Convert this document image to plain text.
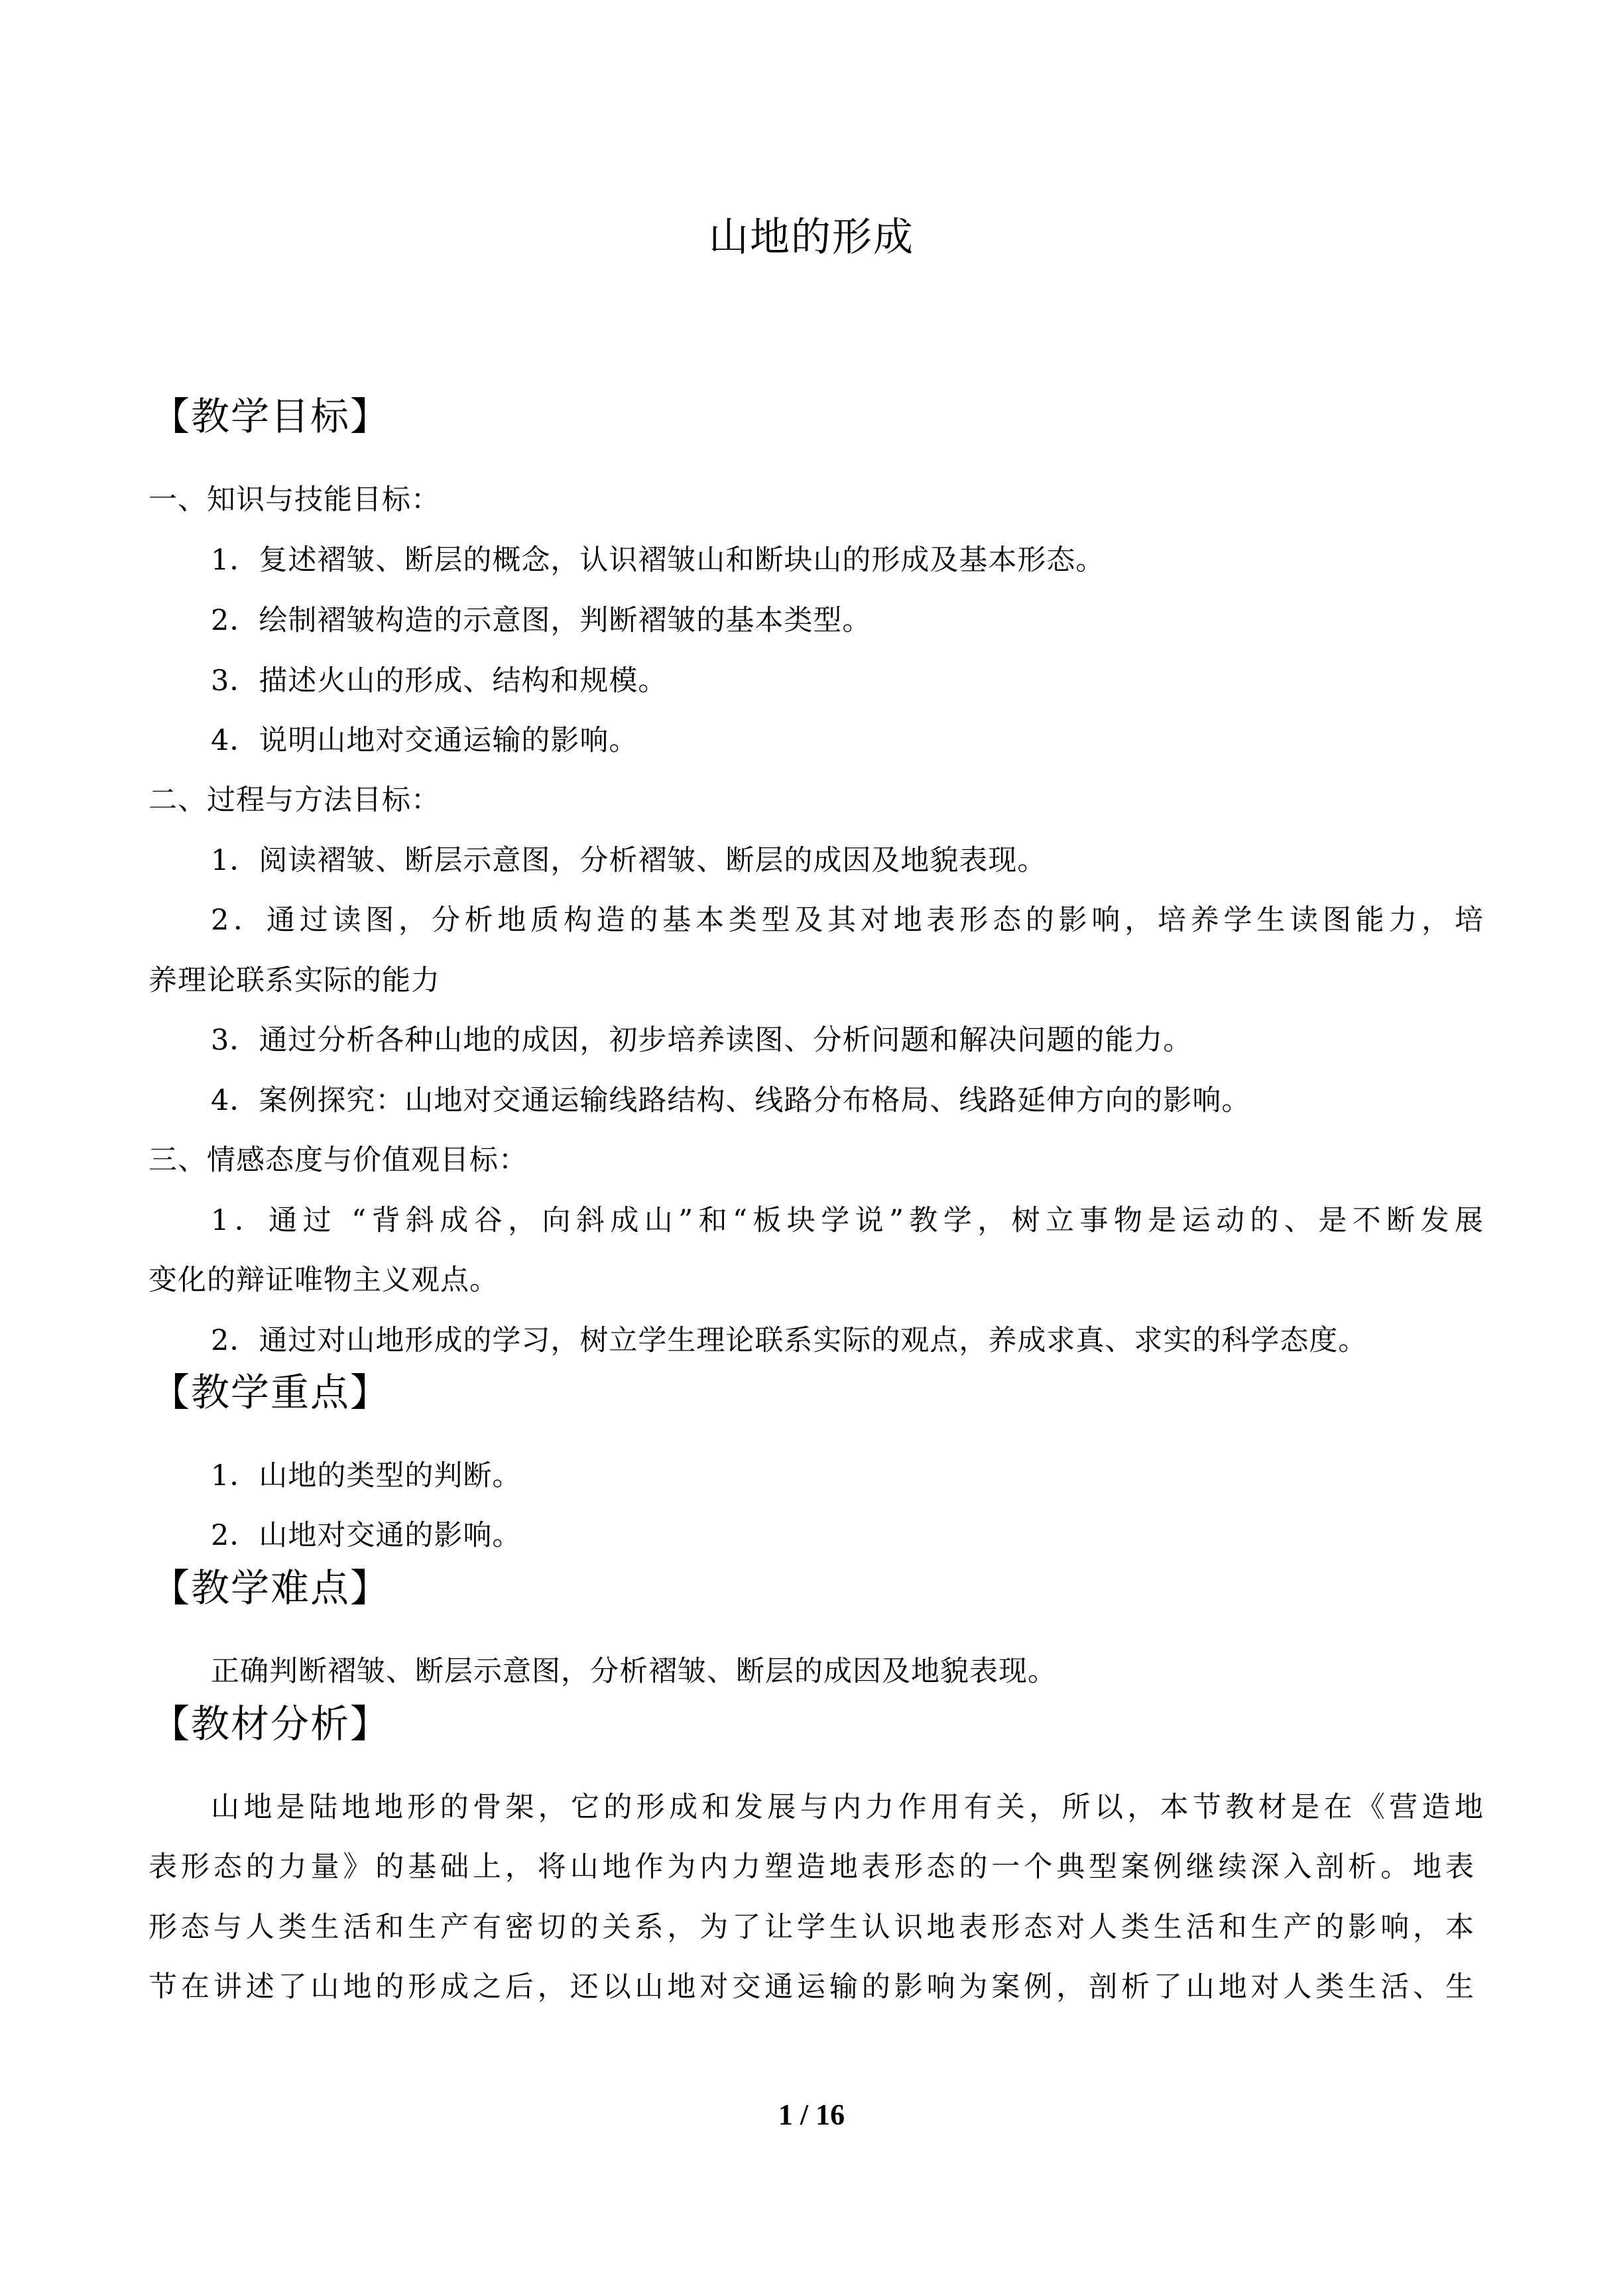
山地的形成
【教学目标】
一、知识与技能目标：
1．复述褶皱、断层的概念，认识褶皱山和断块山的形成及基本形态。
2．绘制褶皱构造的示意图，判断褶皱的基本类型。
3．描述火山的形成、结构和规模。
4．说明山地对交通运输的影响。
二、过程与方法目标：
1．阅读褶皱、断层示意图，分析褶皱、断层的成因及地貌表现。
2．通过读图，分析地质构造的基本类型及其对地表形态的影响，培养学生读图能力，培
养理论联系实际的能力
3．通过分析各种山地的成因，初步培养读图、分析问题和解决问题的能力。
4．案例探究：山地对交通运输线路结构、线路分布格局、线路延伸方向的影响。
三、情感态度与价值观目标：
1．通过 “背斜成谷，向斜成山”和“板块学说”教学，树立事物是运动的、是不断发展
变化的辩证唯物主义观点。
2．通过对山地形成的学习，树立学生理论联系实际的观点，养成求真、求实的科学态度。
【教学重点】
1．山地的类型的判断。
2．山地对交通的影响。
【教学难点】
正确判断褶皱、断层示意图，分析褶皱、断层的成因及地貌表现。
【教材分析】
山地是陆地地形的骨架，它的形成和发展与内力作用有关，所以，本节教材是在《营造地
表形态的力量》的基础上，将山地作为内力塑造地表形态的一个典型案例继续深入剖析。地表
形态与人类生活和生产有密切的关系，为了让学生认识地表形态对人类生活和生产的影响，本
节在讲述了山地的形成之后，还以山地对交通运输的影响为案例，剖析了山地对人类生活、生
1 / 16
